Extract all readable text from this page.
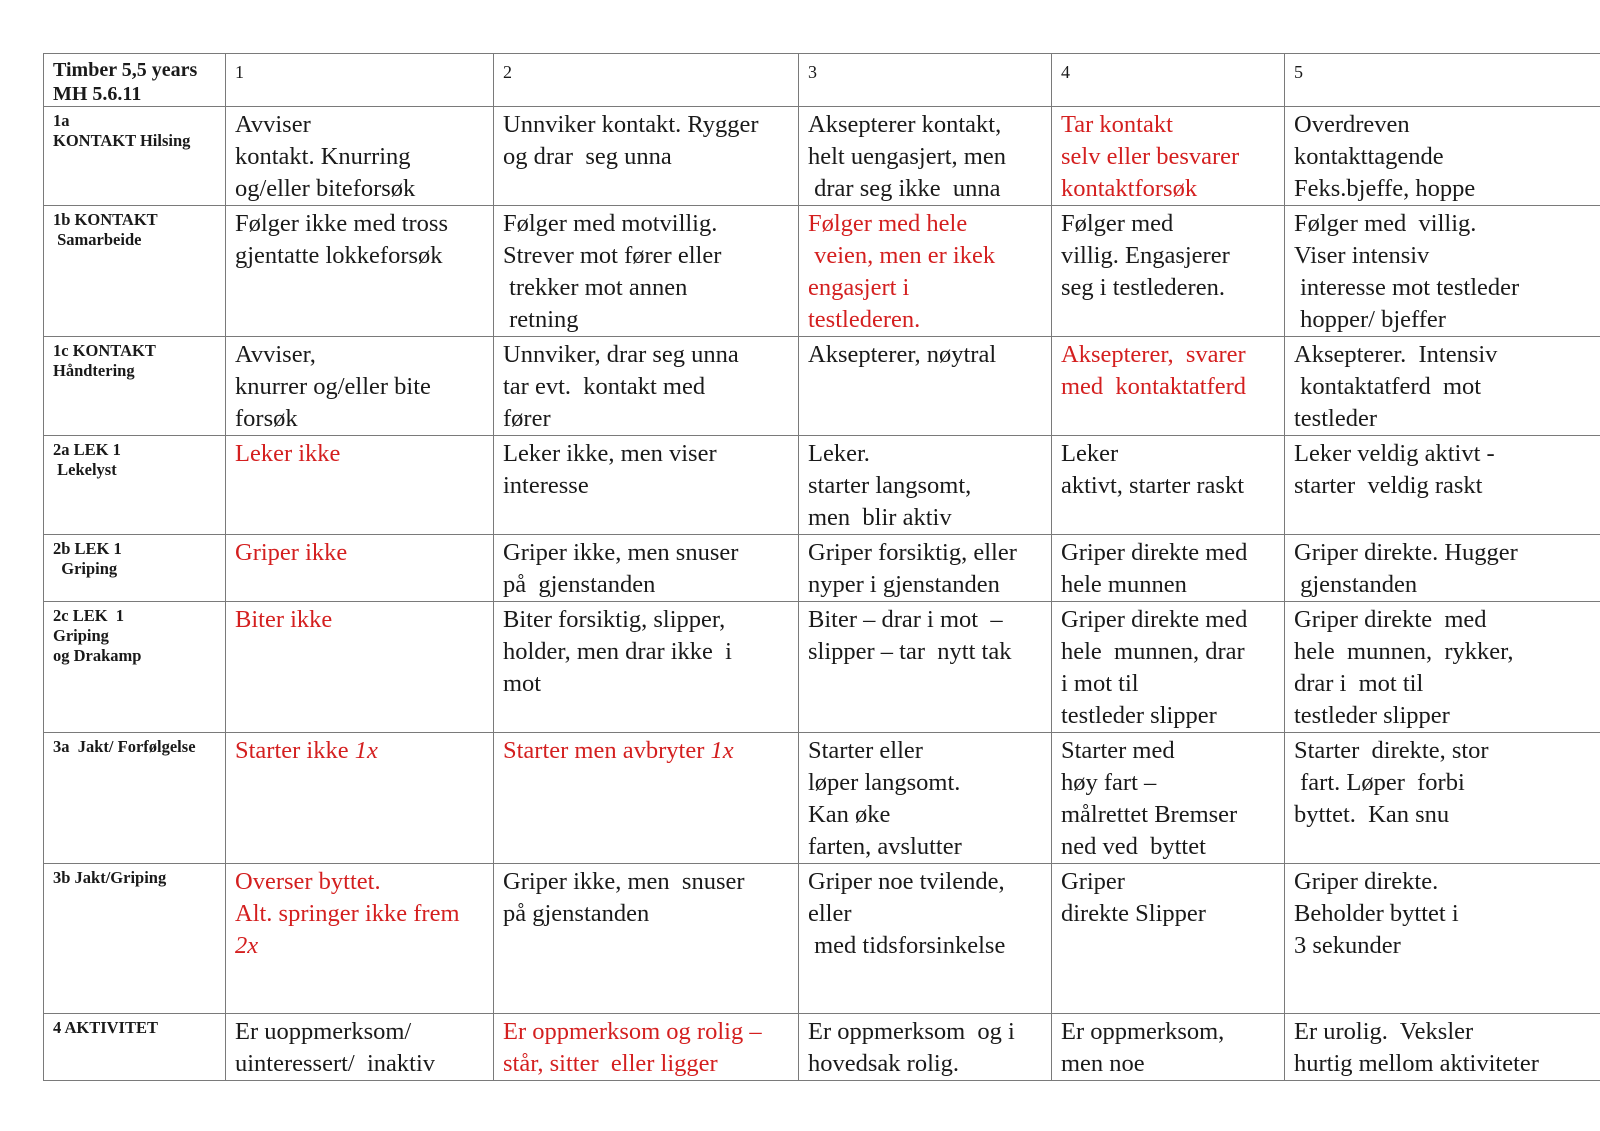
Timber 5,5 years
MH 5.6.11	1	2	3	4	5
1a
KONTAKT Hilsing	Avviser
kontakt. Knurring
og/eller biteforsøk	Unnviker kontakt. Rygger
og drar  seg unna	Aksepterer kontakt,
helt uengasjert, men
drar seg ikke  unna	Tar kontakt
selv eller besvarer
kontaktforsøk	Overdreven
kontakttagende
Feks.bjeffe, hoppe
1b KONTAKT
Samarbeide	Følger ikke med tross
gjentatte lokkeforsøk	Følger med motvillig.
Strever mot fører eller
trekker mot annen
retning	Følger med hele
veien, men er ikek
engasjert i
testlederen.	Følger med
villig. Engasjerer
seg i testlederen.	Følger med  villig.
Viser intensiv
interesse mot testleder
hopper/ bjeffer
1c KONTAKT
Håndtering	Avviser,
knurrer og/eller bite
forsøk	Unnviker, drar seg unna
tar evt.  kontakt med
fører	Aksepterer, nøytral	Aksepterer,  svarer
med  kontaktatferd	Aksepterer.  Intensiv
kontaktatferd  mot
testleder
2a LEK 1
Lekelyst	Leker ikke	Leker ikke, men viser
interesse	Leker.
starter langsomt,
men  blir aktiv	Leker
aktivt, starter raskt	Leker veldig aktivt -
starter  veldig raskt
2b LEK 1
Griping	Griper ikke	Griper ikke, men snuser
på  gjenstanden	Griper forsiktig, eller
nyper i gjenstanden	Griper direkte med
hele munnen	Griper direkte. Hugger
gjenstanden
2c LEK  1
Griping
og Drakamp	Biter ikke	Biter forsiktig, slipper,
holder, men drar ikke  i
mot	Biter – drar i mot  –
slipper – tar  nytt tak	Griper direkte med
hele  munnen, drar
i mot til
testleder slipper	Griper direkte  med
hele  munnen,  rykker,
drar i  mot til
testleder slipper
3a  Jakt/ Forfølgelse	Starter ikke 1x	Starter men avbryter 1x	Starter eller
løper langsomt.
Kan øke
farten, avslutter	Starter med
høy fart –
målrettet Bremser
ned ved  byttet	Starter  direkte, stor
fart. Løper  forbi
byttet.  Kan snu
3b Jakt/Griping	Overser byttet.
Alt. springer ikke frem
2x	Griper ikke, men  snuser
på gjenstanden	Griper noe tvilende,
eller
med tidsforsinkelse	Griper
direkte Slipper	Griper direkte.
Beholder byttet i
3 sekunder
4 AKTIVITET	Er uoppmerksom/
uinteressert/  inaktiv	Er oppmerksom og rolig –
står, sitter  eller ligger	Er oppmerksom  og i
hovedsak rolig.	Er oppmerksom,
men noe	Er urolig.  Veksler
hurtig mellom aktiviteter
